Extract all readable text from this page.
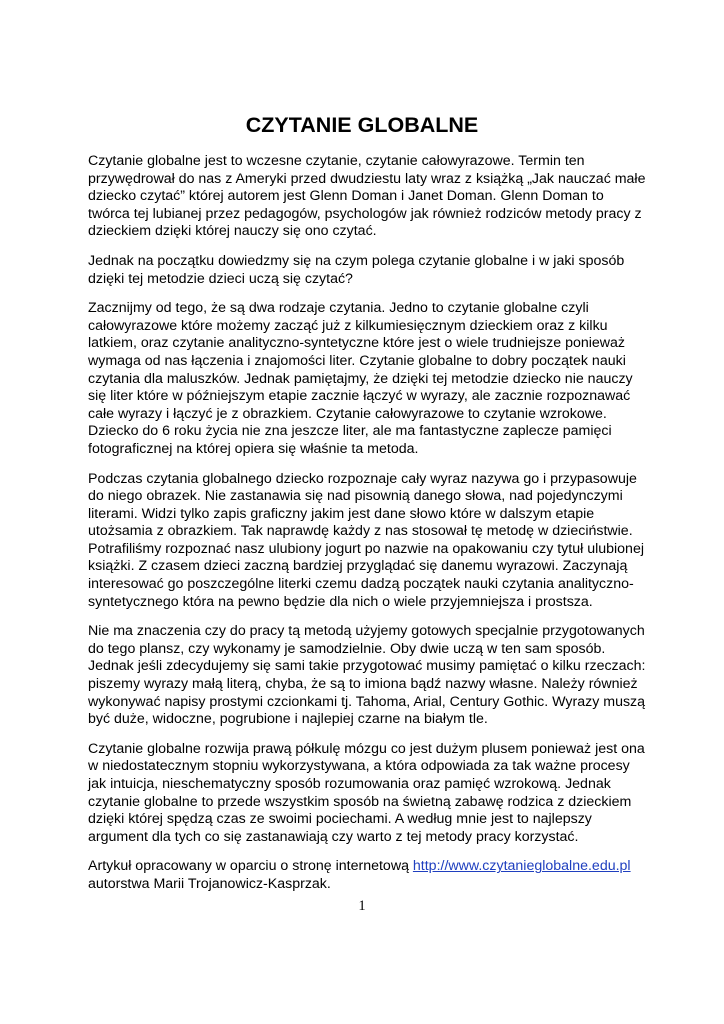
CZYTANIE GLOBALNE

Czytanie globalne jest to wczesne czytanie, czytanie całowyrazowe. Termin ten przywędrował do nas z Ameryki przed dwudziestu laty wraz z książką „Jak nauczać małe dziecko czytać” której autorem jest Glenn Doman i Janet Doman. Glenn Doman to twórca tej lubianej przez pedagogów, psychologów jak również rodziców metody pracy z dzieckiem dzięki której nauczy się ono czytać.

Jednak na początku dowiedzmy się na czym polega czytanie globalne i w jaki sposób dzięki tej metodzie dzieci uczą się czytać?

Zacznijmy od tego, że są dwa rodzaje czytania. Jedno to czytanie globalne czyli całowyrazowe które możemy zacząć już z kilkumiesięcznym dzieckiem oraz z kilku latkiem, oraz czytanie analityczno-syntetyczne które jest o wiele trudniejsze ponieważ wymaga od nas łączenia i znajomości liter. Czytanie globalne to dobry początek nauki czytania dla maluszków. Jednak pamiętajmy, że dzięki tej metodzie dziecko nie nauczy się liter które w późniejszym etapie zacznie łączyć w wyrazy, ale zacznie rozpoznawać całe wyrazy i łączyć je z obrazkiem. Czytanie całowyrazowe to czytanie wzrokowe. Dziecko do 6 roku życia nie zna jeszcze liter, ale ma fantastyczne zaplecze pamięci fotograficznej na której opiera się właśnie ta metoda.

Podczas czytania globalnego dziecko rozpoznaje cały wyraz nazywa go i przypasowuje do niego obrazek. Nie zastanawia się nad pisownią danego słowa, nad pojedynczymi literami. Widzi tylko zapis graficzny jakim jest dane słowo które w dalszym etapie utożsamia z obrazkiem. Tak naprawdę każdy z nas stosował tę metodę w dzieciństwie. Potrafiliśmy rozpoznać nasz ulubiony jogurt po nazwie na opakowaniu czy tytuł ulubionej książki. Z czasem dzieci zaczną bardziej przyglądać się danemu wyrazowi. Zaczynają interesować go poszczególne literki czemu dadzą początek nauki czytania analityczno-syntetycznego która na pewno będzie dla nich o wiele przyjemniejsza i prostsza.

Nie ma znaczenia czy do pracy tą metodą użyjemy gotowych specjalnie przygotowanych do tego plansz, czy wykonamy je samodzielnie. Oby dwie uczą w ten sam sposób. Jednak jeśli zdecydujemy się sami takie przygotować musimy pamiętać o kilku rzeczach: piszemy wyrazy małą literą, chyba, że są to imiona bądź nazwy własne. Należy również wykonywać napisy prostymi czcionkami tj. Tahoma, Arial, Century Gothic. Wyrazy muszą być duże, widoczne, pogrubione i najlepiej czarne na białym tle.

Czytanie globalne rozwija prawą półkulę mózgu co jest dużym plusem ponieważ jest ona w niedostatecznym stopniu wykorzystywana, a która odpowiada za tak ważne procesy jak intuicja, nieschematyczny sposób rozumowania oraz pamięć wzrokową. Jednak czytanie globalne to przede wszystkim sposób na świetną zabawę rodzica z dzieckiem dzięki której spędzą czas ze swoimi pociechami. A według mnie jest to najlepszy argument dla tych co się zastanawiają czy warto z tej metody pracy korzystać.

Artykuł opracowany w oparciu o stronę internetową http://www.czytanieglobalne.edu.pl
autorstwa Marii Trojanowicz-Kasprzak.

1
